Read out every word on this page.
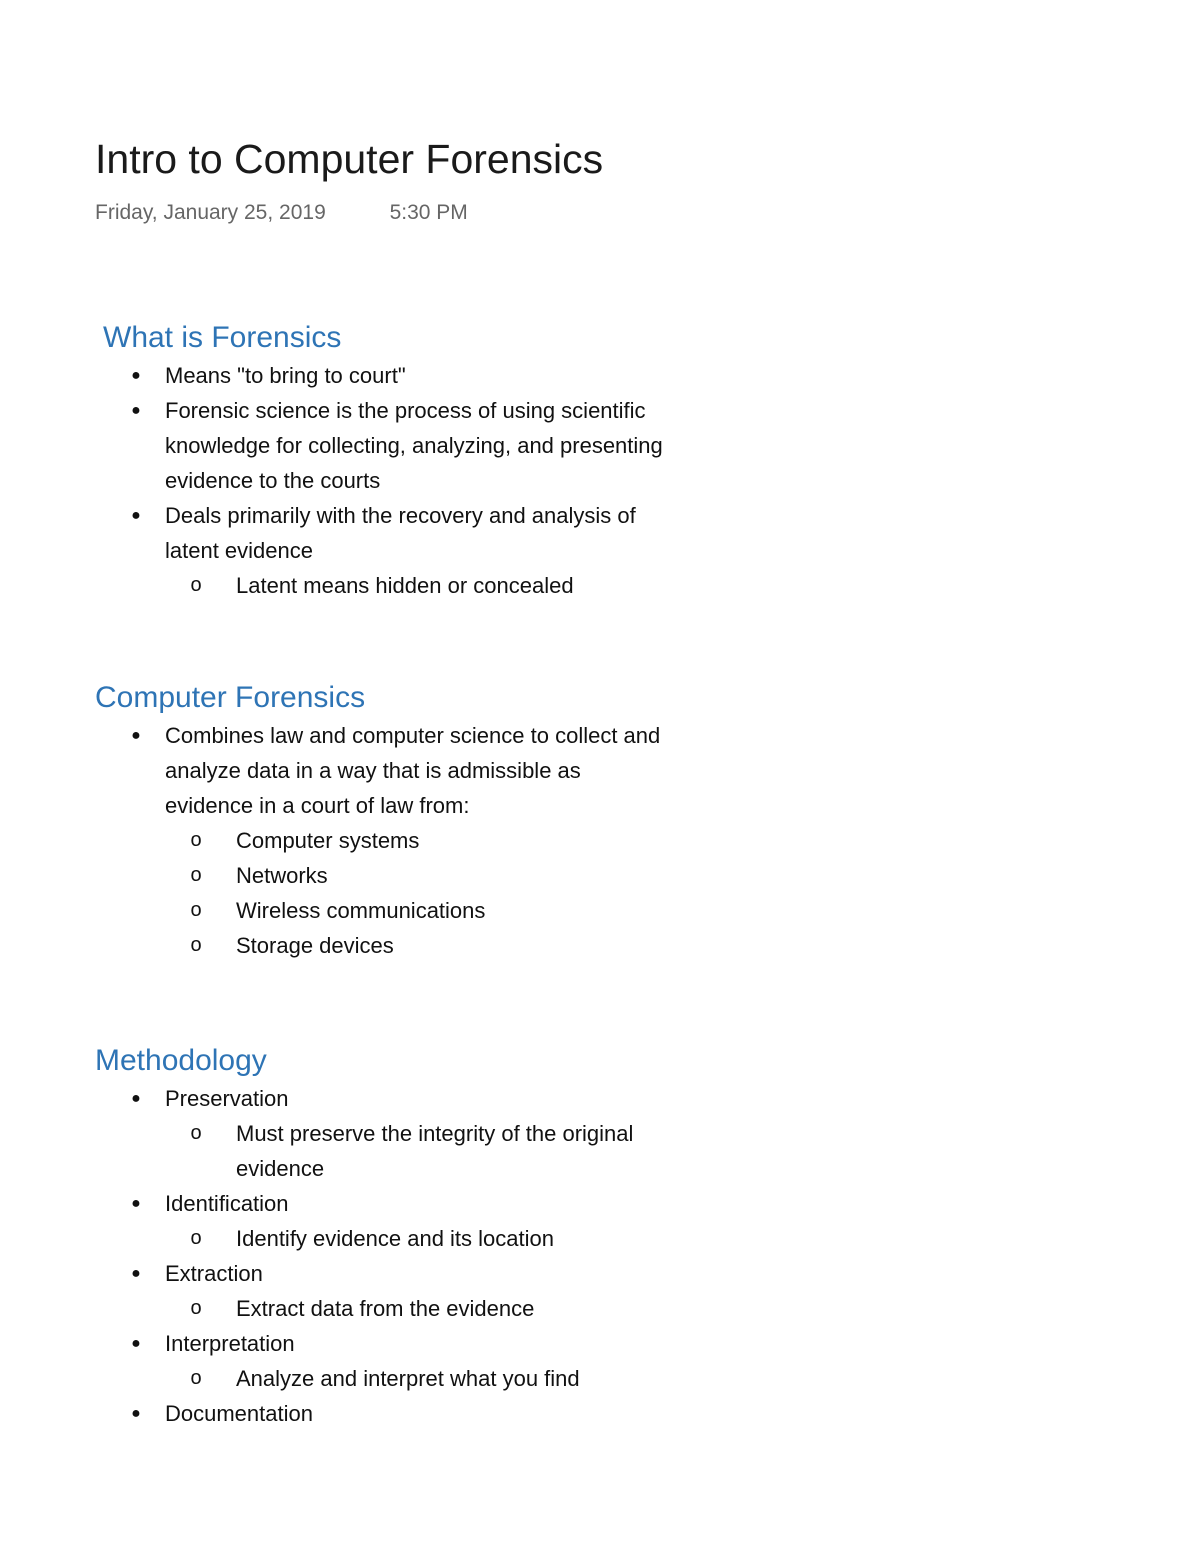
Intro to Computer Forensics
Friday, January 25, 2019	5:30 PM
What is Forensics
● Means "to bring to court"
● Forensic science is the process of using scientific knowledge for collecting, analyzing, and presenting evidence to the courts
● Deals primarily with the recovery and analysis of latent evidence
o Latent means hidden or concealed
Computer Forensics
● Combines law and computer science to collect and analyze data in a way that is admissible as evidence in a court of law from:
o Computer systems
o Networks
o Wireless communications
o Storage devices
Methodology
● Preservation
o Must preserve the integrity of the original evidence
● Identification
o Identify evidence and its location
● Extraction
o Extract data from the evidence
● Interpretation
o Analyze and interpret what you find
● Documentation
